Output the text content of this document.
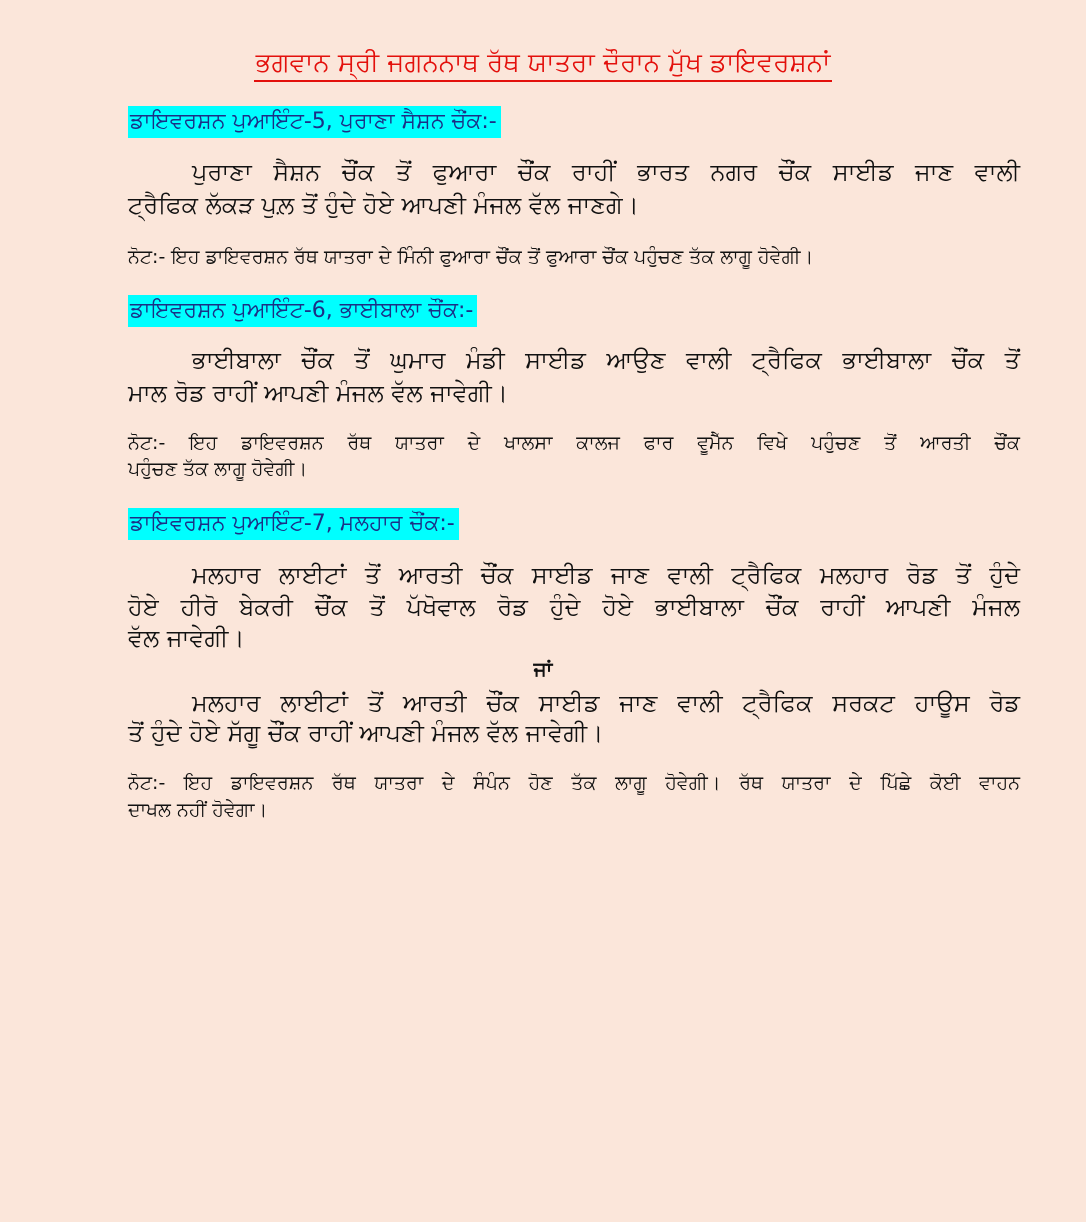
ਭਗਵਾਨ ਸ੍ਰੀ ਜਗਨਨਾਥ ਰੱਥ ਯਾਤਰਾ ਦੌਰਾਨ ਮੁੱਖ ਡਾਇਵਰਸ਼ਨਾਂ
ਡਾਇਵਰਸ਼ਨ ਪੁਆਇੰਟ-5, ਪੁਰਾਣਾ ਸੈਸ਼ਨ ਚੌਂਕ:-
ਪੁਰਾਣਾ ਸੈਸ਼ਨ ਚੌਂਕ ਤੋਂ ਫੁਆਰਾ ਚੌਂਕ ਰਾਹੀਂ ਭਾਰਤ ਨਗਰ ਚੌਂਕ ਸਾਈਡ ਜਾਣ ਵਾਲੀ
ਟ੍ਰੈਫਿਕ ਲੱਕੜ ਪੁਲ਼ ਤੋਂ ਹੁੰਦੇ ਹੋਏ ਆਪਣੀ ਮੰਜਲ ਵੱਲ ਜਾਣਗੇ।
ਨੋਟ:- ਇਹ ਡਾਇਵਰਸ਼ਨ ਰੱਥ ਯਾਤਰਾ ਦੇ ਮਿੰਨੀ ਫੁਆਰਾ ਚੌਂਕ ਤੋਂ ਫੁਆਰਾ ਚੌਂਕ ਪਹੁੰਚਣ ਤੱਕ ਲਾਗੂ ਹੋਵੇਗੀ।
ਡਾਇਵਰਸ਼ਨ ਪੁਆਇੰਟ-6, ਭਾਈਬਾਲਾ ਚੌਂਕ:-
ਭਾਈਬਾਲਾ ਚੌਂਕ ਤੋਂ ਘੁਮਾਰ ਮੰਡੀ ਸਾਈਡ ਆਉਣ ਵਾਲੀ ਟ੍ਰੈਫਿਕ ਭਾਈਬਾਲਾ ਚੌਂਕ ਤੋਂ
ਮਾਲ ਰੋਡ ਰਾਹੀਂ ਆਪਣੀ ਮੰਜਲ ਵੱਲ ਜਾਵੇਗੀ।
ਨੋਟ:- ਇਹ ਡਾਇਵਰਸ਼ਨ ਰੱਥ ਯਾਤਰਾ ਦੇ ਖਾਲਸਾ ਕਾਲਜ ਫਾਰ ਵੂਮੈੱਨ ਵਿਖੇ ਪਹੁੰਚਣ ਤੋਂ ਆਰਤੀ ਚੌਂਕ
ਪਹੁੰਚਣ ਤੱਕ ਲਾਗੂ ਹੋਵੇਗੀ।
ਡਾਇਵਰਸ਼ਨ ਪੁਆਇੰਟ-7, ਮਲਹਾਰ ਚੌਂਕ:-
ਮਲਹਾਰ ਲਾਈਟਾਂ ਤੋਂ ਆਰਤੀ ਚੌਂਕ ਸਾਈਡ ਜਾਣ ਵਾਲੀ ਟ੍ਰੈਫਿਕ ਮਲਹਾਰ ਰੋਡ ਤੋਂ ਹੁੰਦੇ
ਹੋਏ ਹੀਰੋ ਬੇਕਰੀ ਚੌਂਕ ਤੋਂ ਪੱਖੋਵਾਲ ਰੋਡ ਹੁੰਦੇ ਹੋਏ ਭਾਈਬਾਲਾ ਚੌਂਕ ਰਾਹੀਂ ਆਪਣੀ ਮੰਜਲ
ਵੱਲ ਜਾਵੇਗੀ।
ਜਾਂ
ਮਲਹਾਰ ਲਾਈਟਾਂ ਤੋਂ ਆਰਤੀ ਚੌਂਕ ਸਾਈਡ ਜਾਣ ਵਾਲੀ ਟ੍ਰੈਫਿਕ ਸਰਕਟ ਹਾਊਸ ਰੋਡ
ਤੋਂ ਹੁੰਦੇ ਹੋਏ ਸੱਗੂ ਚੌਂਕ ਰਾਹੀਂ ਆਪਣੀ ਮੰਜਲ ਵੱਲ ਜਾਵੇਗੀ।
ਨੋਟ:- ਇਹ ਡਾਇਵਰਸ਼ਨ ਰੱਥ ਯਾਤਰਾ ਦੇ ਸੰਪੰਨ ਹੋਣ ਤੱਕ ਲਾਗੂ ਹੋਵੇਗੀ। ਰੱਥ ਯਾਤਰਾ ਦੇ ਪਿੱਛੇ ਕੋਈ ਵਾਹਨ
ਦਾਖਲ ਨਹੀਂ ਹੋਵੇਗਾ।
